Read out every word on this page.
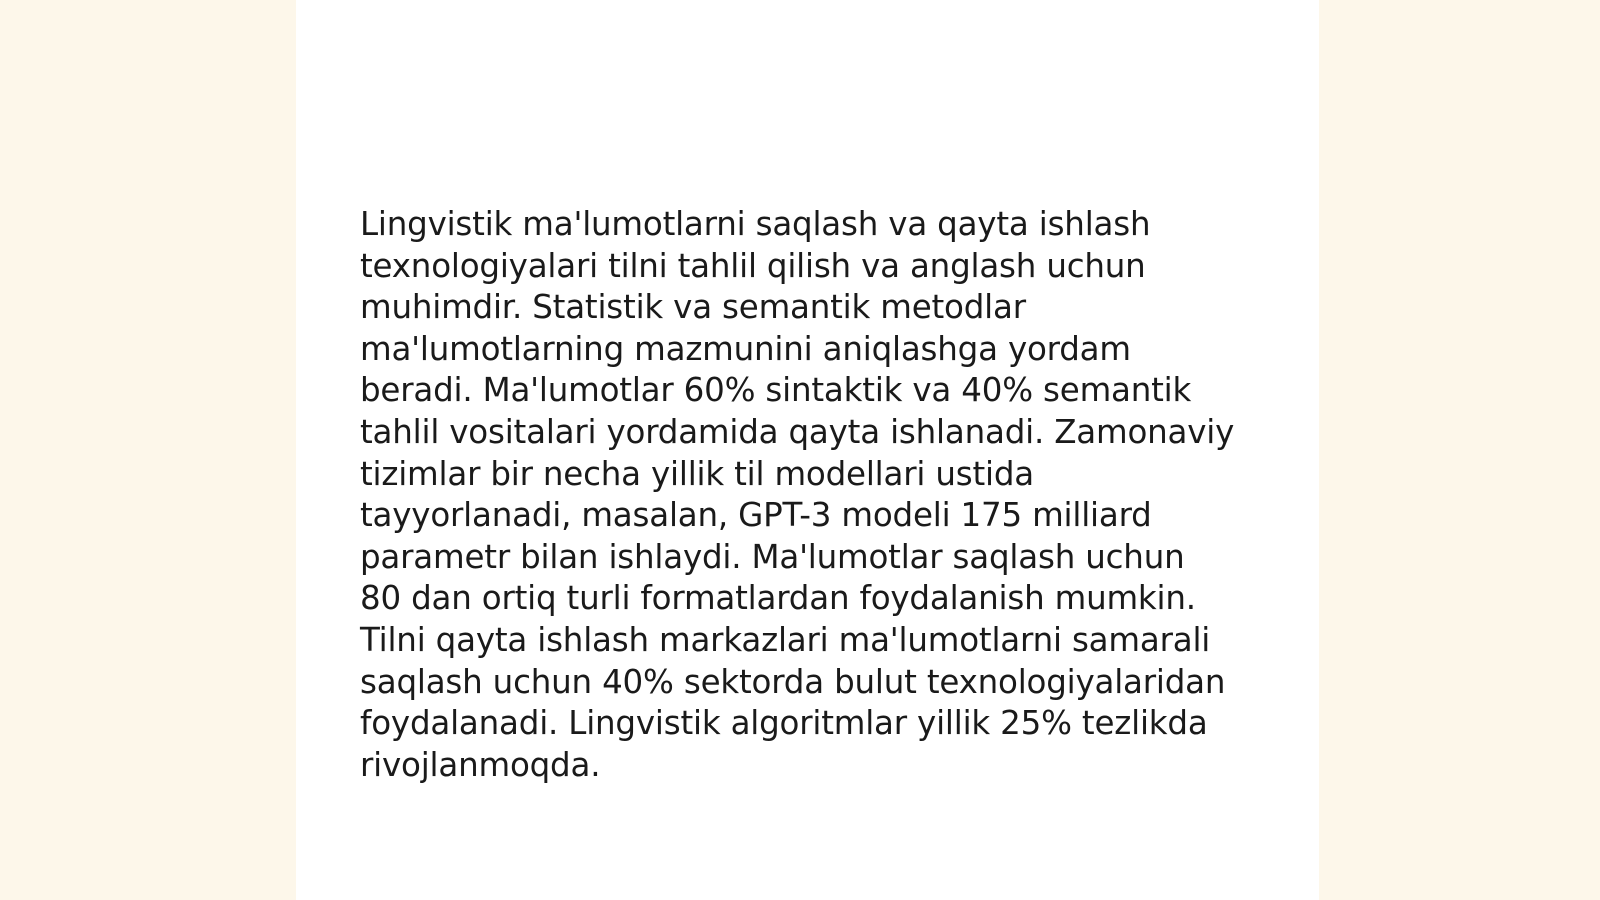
Lingvistik ma'lumotlarni saqlash va qayta ishlash
texnologiyalari tilni tahlil qilish va anglash uchun
muhimdir. Statistik va semantik metodlar
ma'lumotlarning mazmunini aniqlashga yordam
beradi. Ma'lumotlar 60% sintaktik va 40% semantik
tahlil vositalari yordamida qayta ishlanadi. Zamonaviy
tizimlar bir necha yillik til modellari ustida
tayyorlanadi, masalan, GPT-3 modeli 175 milliard
parametr bilan ishlaydi. Ma'lumotlar saqlash uchun
80 dan ortiq turli formatlardan foydalanish mumkin.
Tilni qayta ishlash markazlari ma'lumotlarni samarali
saqlash uchun 40% sektorda bulut texnologiyalaridan
foydalanadi. Lingvistik algoritmlar yillik 25% tezlikda
rivojlanmoqda.
